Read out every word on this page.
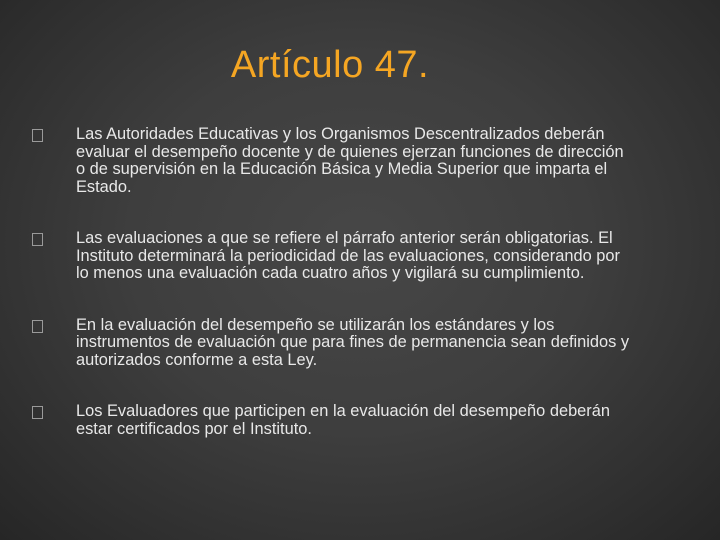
Artículo 47.
Las Autoridades Educativas y los Organismos Descentralizados deberán evaluar el desempeño docente y de quienes ejerzan funciones de dirección o de supervisión en la Educación Básica y Media Superior que imparta el Estado.
Las evaluaciones a que se refiere el párrafo anterior serán obligatorias. El Instituto determinará la periodicidad de las evaluaciones, considerando por lo menos una evaluación cada cuatro años y vigilará su cumplimiento.
En la evaluación del desempeño se utilizarán los estándares y los instrumentos de evaluación que para fines de permanencia sean definidos y autorizados conforme a esta Ley.
Los Evaluadores que participen en la evaluación del desempeño deberán estar certificados por el Instituto.
